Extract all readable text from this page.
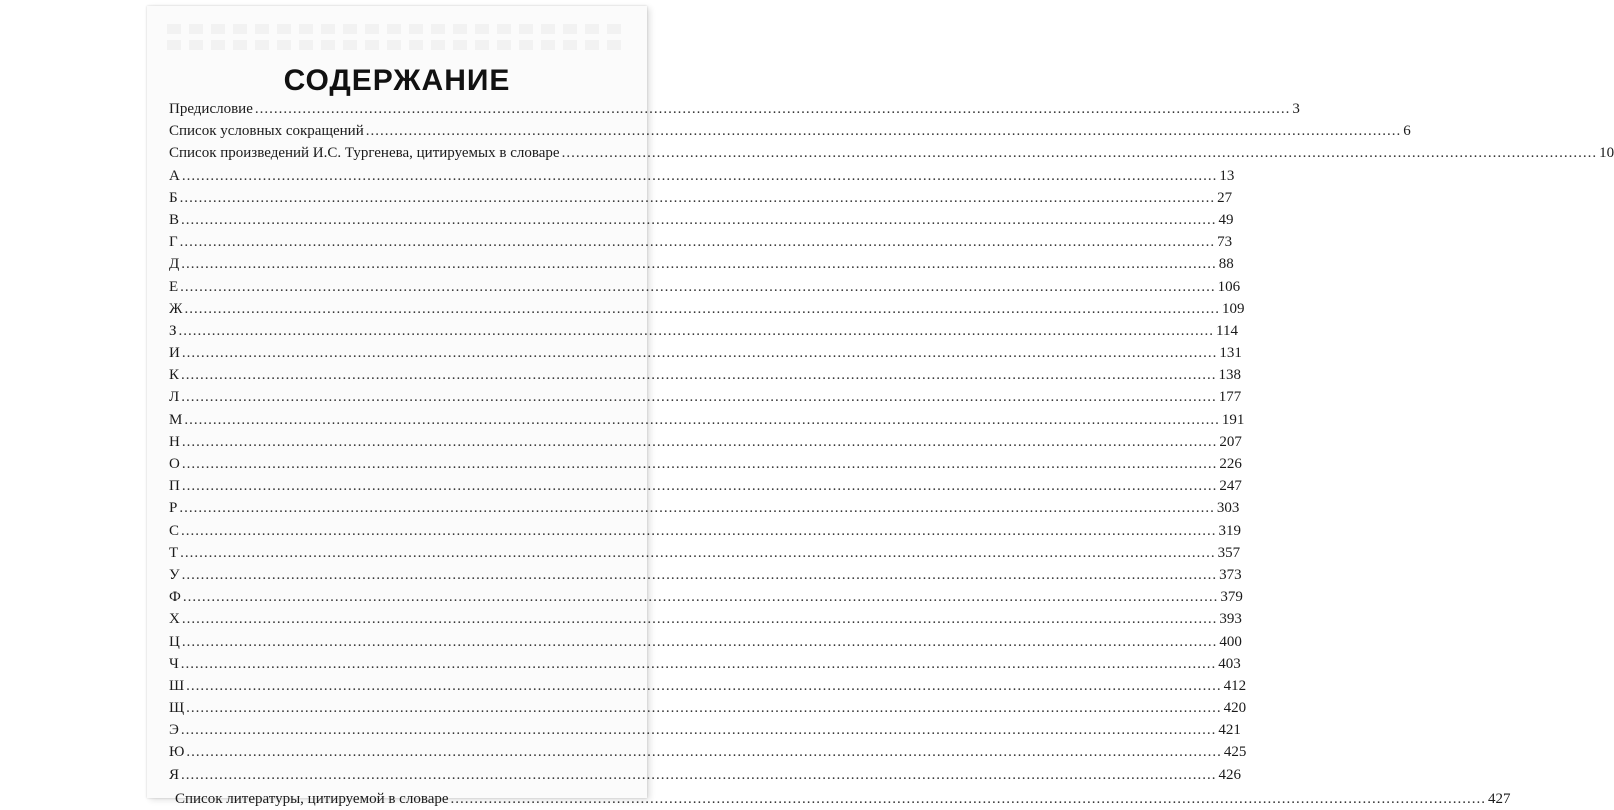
СОДЕРЖАНИЕ
Предисловие .....	3
Список условных сокращений .....	6
Список произведений И.С. Тургенева, цитируемых в словаре .....	10
А .....	13
Б .....	27
В .....	49
Г .....	73
Д .....	88
Е .....	106
Ж .....	109
З .....	114
И .....	131
К .....	138
Л .....	177
М .....	191
Н .....	207
О .....	226
П .....	247
Р .....	303
С .....	319
Т .....	357
У .....	373
Ф .....	379
Х .....	393
Ц .....	400
Ч .....	403
Ш .....	412
Щ .....	420
Э .....	421
Ю .....	425
Я .....	426
Список литературы, цитируемой в словаре .....	427
